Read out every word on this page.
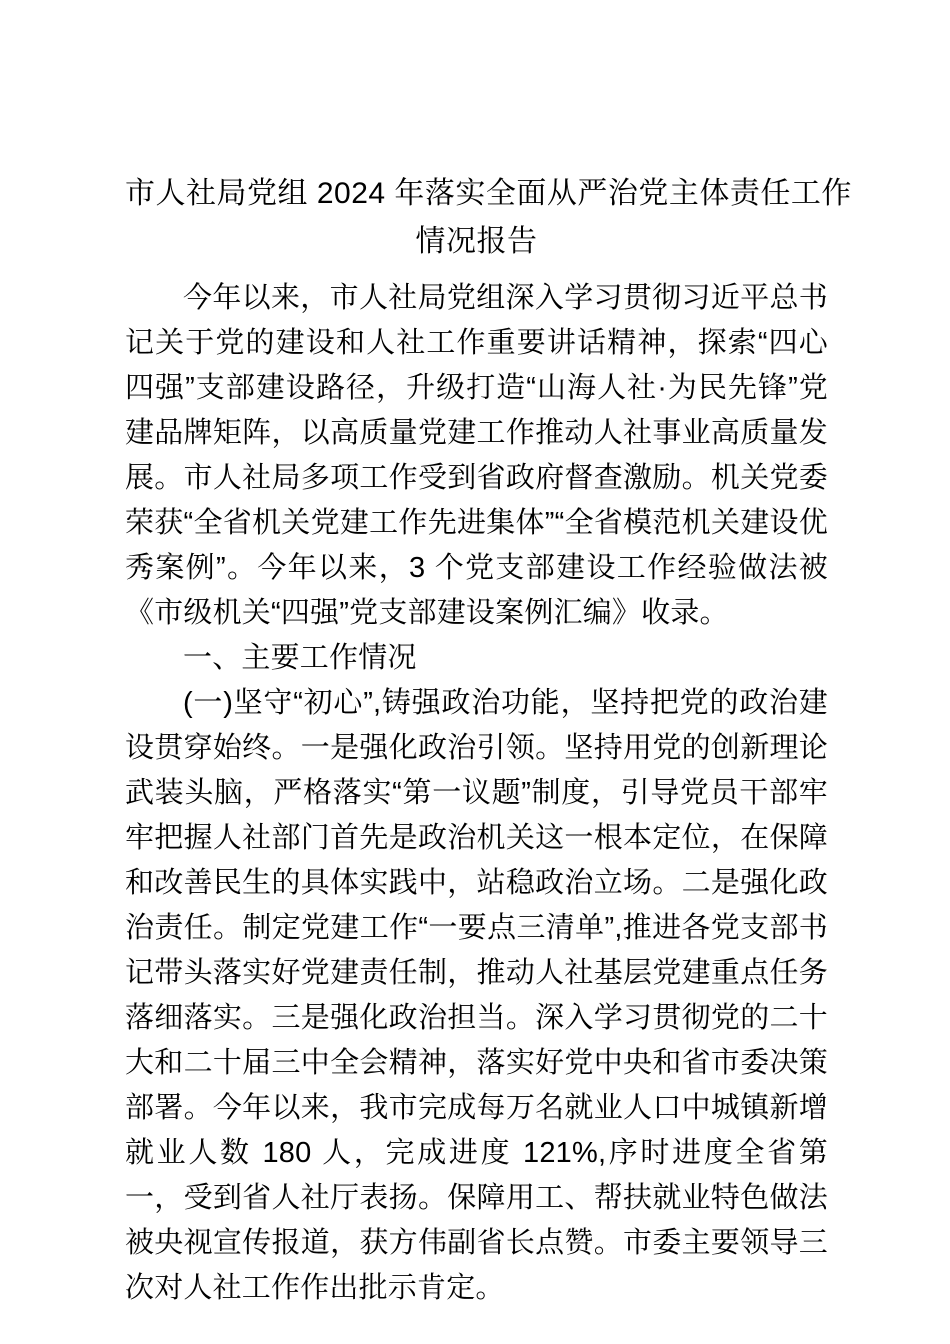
市人社局党组 2024 年落实全面从严治党主体责任工作
情况报告

今年以来，市人社局党组深入学习贯彻习近平总书记关于党的建设和人社工作重要讲话精神，探索“四心四强”支部建设路径，升级打造“山海人社·为民先锋”党建品牌矩阵，以高质量党建工作推动人社事业高质量发展。市人社局多项工作受到省政府督查激励。机关党委荣获“全省机关党建工作先进集体”“全省模范机关建设优秀案例”。今年以来，3 个党支部建设工作经验做法被《市级机关“四强”党支部建设案例汇编》收录。

一、主要工作情况

(一)坚守“初心”,铸强政治功能，坚持把党的政治建设贯穿始终。一是强化政治引领。坚持用党的创新理论武装头脑，严格落实“第一议题”制度，引导党员干部牢牢把握人社部门首先是政治机关这一根本定位，在保障和改善民生的具体实践中，站稳政治立场。二是强化政治责任。制定党建工作“一要点三清单”,推进各党支部书记带头落实好党建责任制，推动人社基层党建重点任务落细落实。三是强化政治担当。深入学习贯彻党的二十大和二十届三中全会精神，落实好党中央和省市委决策部署。今年以来，我市完成每万名就业人口中城镇新增就业人数 180 人，完成进度 121%,序时进度全省第一，受到省人社厅表扬。保障用工、帮扶就业特色做法被央视宣传报道，获方伟副省长点赞。市委主要领导三次对人社工作作出批示肯定。
